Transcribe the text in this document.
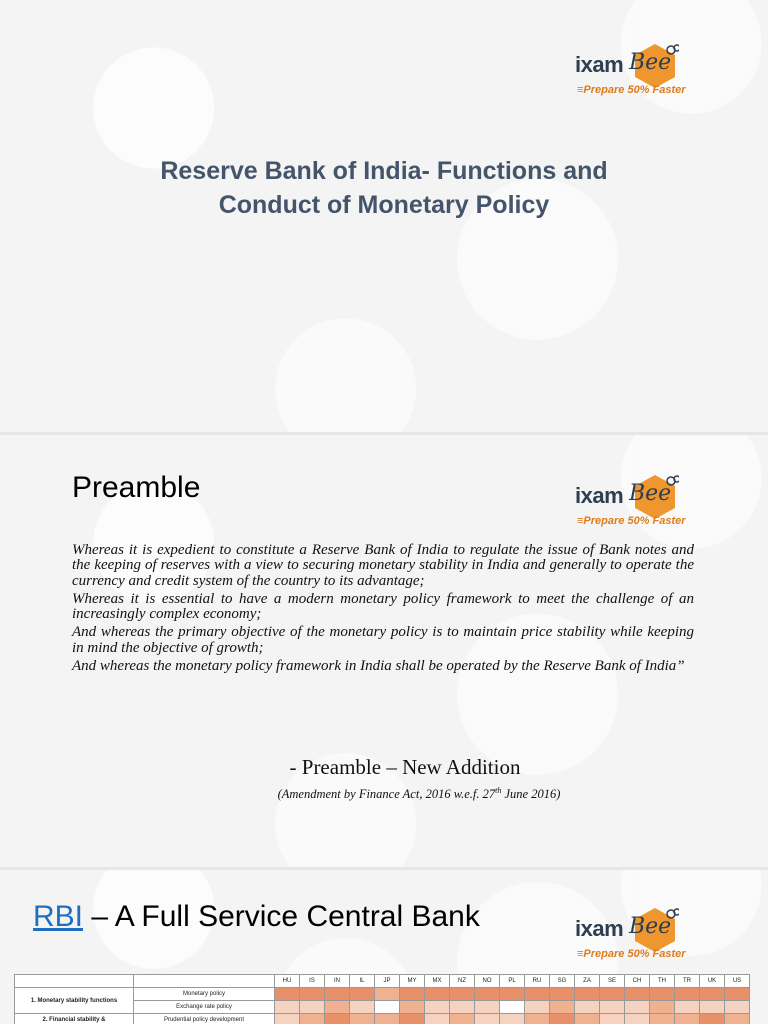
ixam Bee
≡ Prepare 50% Faster
Reserve Bank of India- Functions and
Conduct of Monetary Policy
Preamble	ixam Bee
≡ Prepare 50% Faster

Whereas it is expedient to constitute a Reserve Bank of India to regulate the issue of Bank notes and the keeping of reserves with a view to securing monetary stability in India and generally to operate the currency and credit system of the country to its advantage;

Whereas it is essential to have a modern monetary policy framework to meet the challenge of an increasingly complex economy;

And whereas the primary objective of the monetary policy is to maintain price stability while keeping in mind the objective of growth;

And whereas the monetary policy framework in India shall be operated by the Reserve Bank of India”

- Preamble – New Addition
(Amendment by Finance Act, 2016 w.e.f. 27th June 2016)
RBI – A Full Service Central Bank	ixam Bee
≡ Prepare 50% Faster
		HU	IS	IN	IL	JP	MY	MX	NZ	NO	PL	RU	SG	ZA	SE	CH	TH	TR	UK	US
1. Monetary stability functions	Monetary policy																			
	Exchange rate policy																			
2. Financial stability &	Prudential policy development																			
